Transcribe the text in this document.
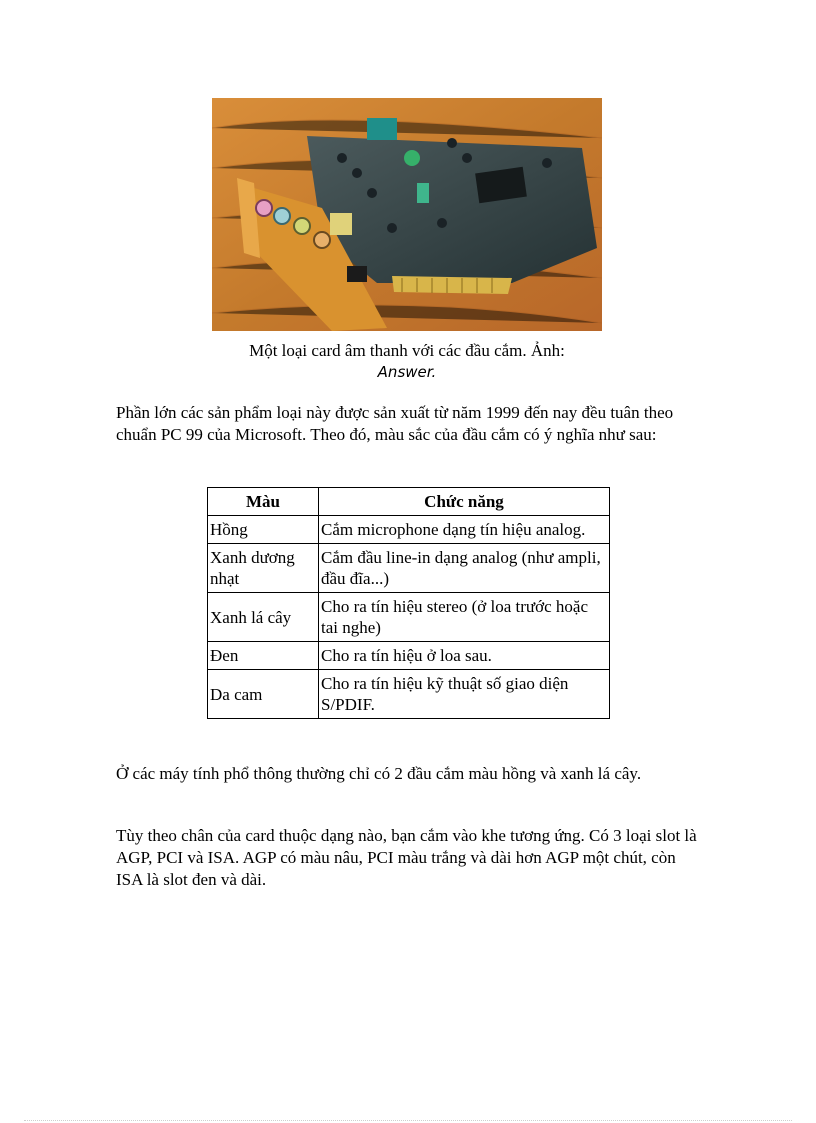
Một loại card âm thanh với các đầu cắm. Ảnh:
Answer.

Phần lớn các sản phẩm loại này được sản xuất từ năm 1999 đến nay đều tuân theo chuẩn PC 99 của Microsoft. Theo đó, màu sắc của đầu cắm có ý nghĩa như sau:

Màu	Chức năng
Hồng	Cắm microphone dạng tín hiệu analog.
Xanh dương nhạt	Cắm đầu line-in dạng analog (như ampli, đầu đĩa...)
Xanh lá cây	Cho ra tín hiệu stereo (ở loa trước hoặc tai nghe)
Đen	Cho ra tín hiệu ở loa sau.
Da cam	Cho ra tín hiệu kỹ thuật số giao diện S/PDIF.

Ở các máy tính phổ thông thường chỉ có 2 đầu cắm màu hồng và xanh lá cây.

Tùy theo chân của card thuộc dạng nào, bạn cắm vào khe tương ứng. Có 3 loại slot là AGP, PCI và ISA. AGP có màu nâu, PCI màu trắng và dài hơn AGP một chút, còn ISA là slot đen và dài.
